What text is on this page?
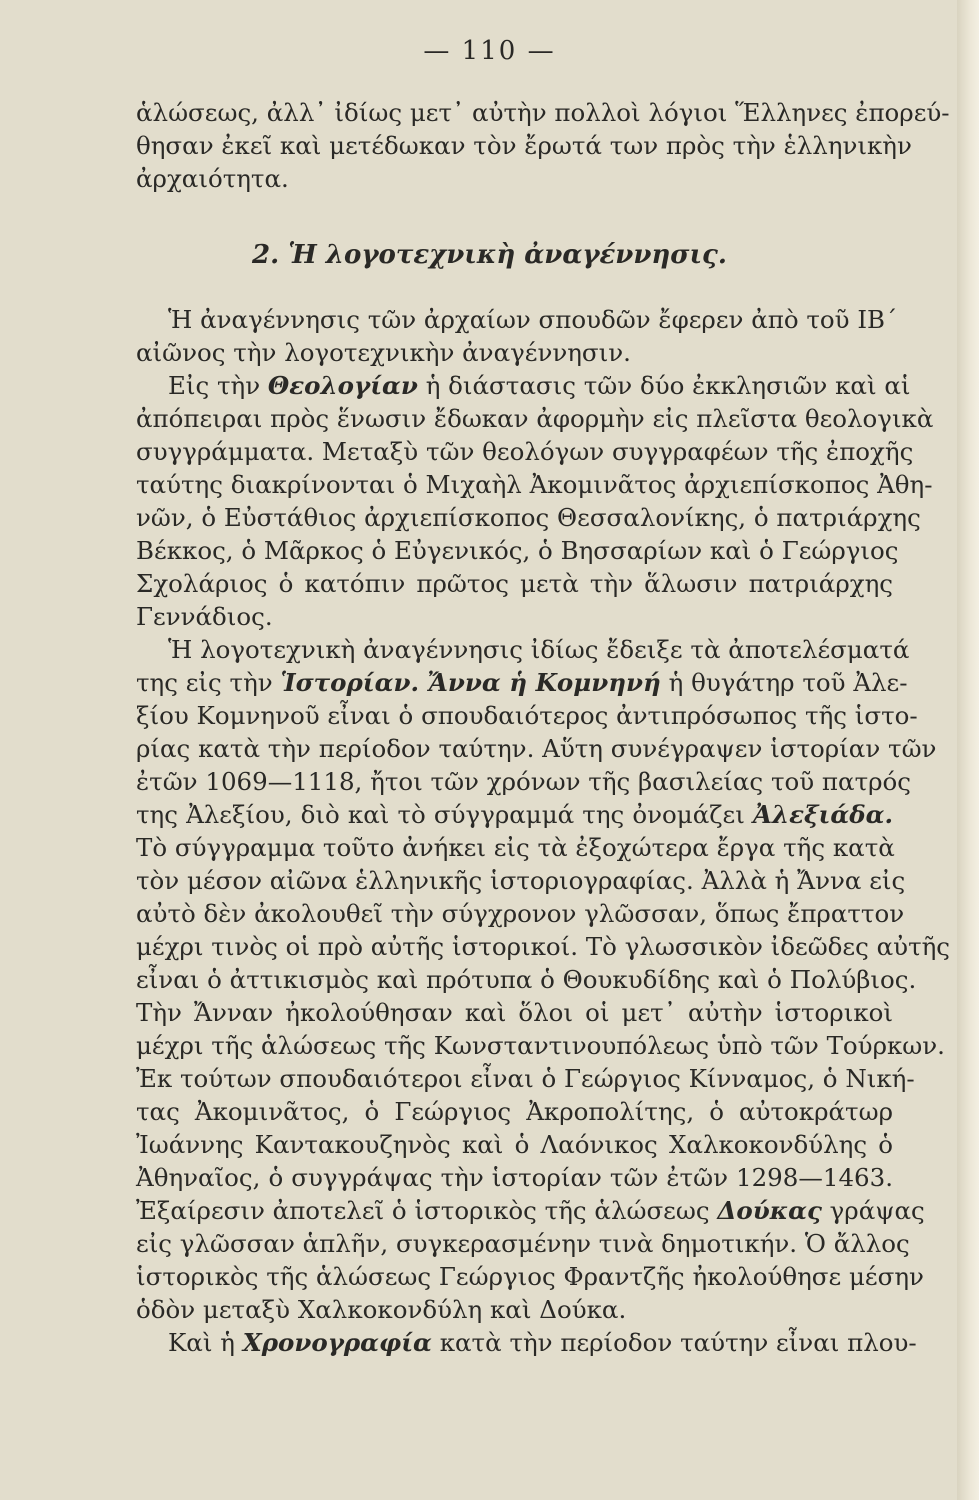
— 110 —
ἁλώσεως, ἀλλ᾽ ἰδίως μετ᾽ αὐτὴν πολλοὶ λόγιοι Ἕλληνες ἐπορεύ-
θησαν ἐκεῖ καὶ μετέδωκαν τὸν ἔρωτά των πρὸς τὴν ἑλληνικὴν
ἀρχαιότητα.
2. Ἡ λογοτεχνικὴ ἀναγέννησις.
Ἡ ἀναγέννησις τῶν ἀρχαίων σπουδῶν ἔφερεν ἀπὸ τοῦ ΙΒ´
αἰῶνος τὴν λογοτεχνικὴν ἀναγέννησιν.
Εἰς τὴν Θεολογίαν ἡ διάστασις τῶν δύο ἐκκλησιῶν καὶ αἱ
ἀπόπειραι πρὸς ἕνωσιν ἔδωκαν ἀφορμὴν εἰς πλεῖστα θεολογικὰ
συγγράμματα. Μεταξὺ τῶν θεολόγων συγγραφέων τῆς ἐποχῆς
ταύτης διακρίνονται ὁ Μιχαὴλ Ἀκομινᾶτος ἀρχιεπίσκοπος Ἀθη-
νῶν, ὁ Εὐστάθιος ἀρχιεπίσκοπος Θεσσαλονίκης, ὁ πατριάρχης
Βέκκος, ὁ Μᾶρκος ὁ Εὐγενικός, ὁ Βησσαρίων καὶ ὁ Γεώργιος
Σχολάριος ὁ κατόπιν πρῶτος μετὰ τὴν ἅλωσιν πατριάρχης
Γεννάδιος.
Ἡ λογοτεχνικὴ ἀναγέννησις ἰδίως ἔδειξε τὰ ἀποτελέσματά
της εἰς τὴν Ἱστορίαν. Ἄννα ἡ Κομνηνή ἡ θυγάτηρ τοῦ Ἀλε-
ξίου Κομνηνοῦ εἶναι ὁ σπουδαιότερος ἀντιπρόσωπος τῆς ἱστο-
ρίας κατὰ τὴν περίοδον ταύτην. Αὕτη συνέγραψεν ἱστορίαν τῶν
ἐτῶν 1069—1118, ἤτοι τῶν χρόνων τῆς βασιλείας τοῦ πατρός
της Ἀλεξίου, διὸ καὶ τὸ σύγγραμμά της ὀνομάζει Ἀλεξιάδα.
Τὸ σύγγραμμα τοῦτο ἀνήκει εἰς τὰ ἐξοχώτερα ἔργα τῆς κατὰ
τὸν μέσον αἰῶνα ἑλληνικῆς ἱστοριογραφίας. Ἀλλὰ ἡ Ἄννα εἰς
αὐτὸ δὲν ἀκολουθεῖ τὴν σύγχρονον γλῶσσαν, ὅπως ἔπραττον
μέχρι τινὸς οἱ πρὸ αὐτῆς ἱστορικοί. Τὸ γλωσσικὸν ἰδεῶδες αὐτῆς
εἶναι ὁ ἀττικισμὸς καὶ πρότυπα ὁ Θουκυδίδης καὶ ὁ Πολύβιος.
Τὴν Ἄνναν ἠκολούθησαν καὶ ὅλοι οἱ μετ᾽ αὐτὴν ἱστορικοὶ
μέχρι τῆς ἁλώσεως τῆς Κωνσταντινουπόλεως ὑπὸ τῶν Τούρκων.
Ἐκ τούτων σπουδαιότεροι εἶναι ὁ Γεώργιος Κίνναμος, ὁ Νική-
τας Ἀκομινᾶτος, ὁ Γεώργιος Ἀκροπολίτης, ὁ αὐτοκράτωρ
Ἰωάννης Καντακουζηνὸς καὶ ὁ Λαόνικος Χαλκοκονδύλης ὁ
Ἀθηναῖος, ὁ συγγράψας τὴν ἱστορίαν τῶν ἐτῶν 1298—1463.
Ἐξαίρεσιν ἀποτελεῖ ὁ ἱστορικὸς τῆς ἁλώσεως Δούκας γράψας
εἰς γλῶσσαν ἁπλῆν, συγκερασμένην τινὰ δημοτικήν. Ὁ ἄλλος
ἱστορικὸς τῆς ἁλώσεως Γεώργιος Φραντζῆς ἠκολούθησε μέσην
ὁδὸν μεταξὺ Χαλκοκονδύλη καὶ Δούκα.
Καὶ ἡ Χρονογραφία κατὰ τὴν περίοδον ταύτην εἶναι πλου-
